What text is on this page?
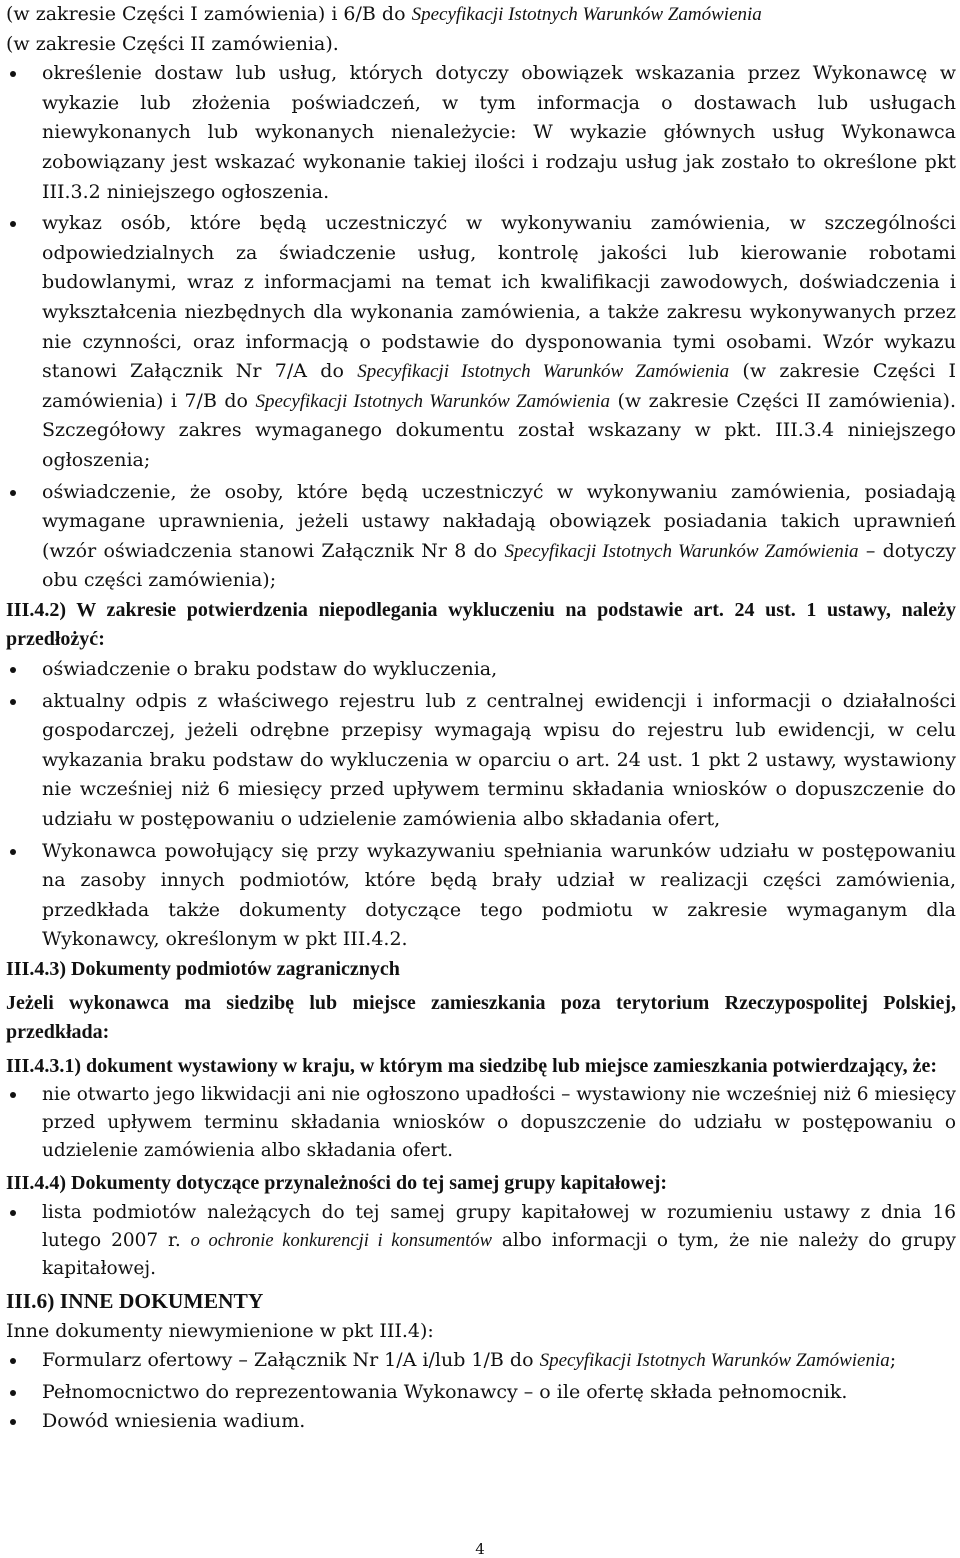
(w zakresie Części I zamówienia) i 6/B do Specyfikacji Istotnych Warunków Zamówienia
(w zakresie Części II zamówienia).
określenie dostaw lub usług, których dotyczy obowiązek wskazania przez Wykonawcę w wykazie lub złożenia poświadczeń, w tym informacja o dostawach lub usługach niewykonanych lub wykonanych nienależycie: W wykazie głównych usług Wykonawca zobowiązany jest wskazać wykonanie takiej ilości i rodzaju usług jak zostało to określone pkt III.3.2 niniejszego ogłoszenia.
wykaz osób, które będą uczestniczyć w wykonywaniu zamówienia, w szczególności odpowiedzialnych za świadczenie usług, kontrolę jakości lub kierowanie robotami budowlanymi, wraz z informacjami na temat ich kwalifikacji zawodowych, doświadczenia i wykształcenia niezbędnych dla wykonania zamówienia, a także zakresu wykonywanych przez nie czynności, oraz informacją o podstawie do dysponowania tymi osobami. Wzór wykazu stanowi Załącznik Nr 7/A do Specyfikacji Istotnych Warunków Zamówienia (w zakresie Części I zamówienia) i 7/B do Specyfikacji Istotnych Warunków Zamówienia (w zakresie Części II zamówienia). Szczegółowy zakres wymaganego dokumentu został wskazany w pkt. III.3.4 niniejszego ogłoszenia;
oświadczenie, że osoby, które będą uczestniczyć w wykonywaniu zamówienia, posiadają wymagane uprawnienia, jeżeli ustawy nakładają obowiązek posiadania takich uprawnień (wzór oświadczenia stanowi Załącznik Nr 8 do Specyfikacji Istotnych Warunków Zamówienia – dotyczy obu części zamówienia);
III.4.2) W zakresie potwierdzenia niepodlegania wykluczeniu na podstawie art. 24 ust. 1 ustawy, należy przedłożyć:
oświadczenie o braku podstaw do wykluczenia,
aktualny odpis z właściwego rejestru lub z centralnej ewidencji i informacji o działalności gospodarczej, jeżeli odrębne przepisy wymagają wpisu do rejestru lub ewidencji, w celu wykazania braku podstaw do wykluczenia w oparciu o art. 24 ust. 1 pkt 2 ustawy, wystawiony nie wcześniej niż 6 miesięcy przed upływem terminu składania wniosków o dopuszczenie do udziału w postępowaniu o udzielenie zamówienia albo składania ofert,
Wykonawca powołujący się przy wykazywaniu spełniania warunków udziału w postępowaniu na zasoby innych podmiotów, które będą brały udział w realizacji części zamówienia, przedkłada także dokumenty dotyczące tego podmiotu w zakresie wymaganym dla Wykonawcy, określonym w pkt III.4.2.
III.4.3) Dokumenty podmiotów zagranicznych
Jeżeli wykonawca ma siedzibę lub miejsce zamieszkania poza terytorium Rzeczypospolitej Polskiej, przedkłada:
III.4.3.1) dokument wystawiony w kraju, w którym ma siedzibę lub miejsce zamieszkania potwierdzający, że:
nie otwarto jego likwidacji ani nie ogłoszono upadłości – wystawiony nie wcześniej niż 6 miesięcy przed upływem terminu składania wniosków o dopuszczenie do udziału w postępowaniu o udzielenie zamówienia albo składania ofert.
III.4.4) Dokumenty dotyczące przynależności do tej samej grupy kapitałowej:
lista podmiotów należących do tej samej grupy kapitałowej w rozumieniu ustawy z dnia 16 lutego 2007 r. o ochronie konkurencji i konsumentów albo informacji o tym, że nie należy do grupy kapitałowej.
III.6) INNE DOKUMENTY
Inne dokumenty niewymienione w pkt III.4):
Formularz ofertowy – Załącznik Nr 1/A i/lub 1/B do Specyfikacji Istotnych Warunków Zamówienia;
Pełnomocnictwo do reprezentowania Wykonawcy – o ile ofertę składa pełnomocnik.
Dowód wniesienia wadium.
4
